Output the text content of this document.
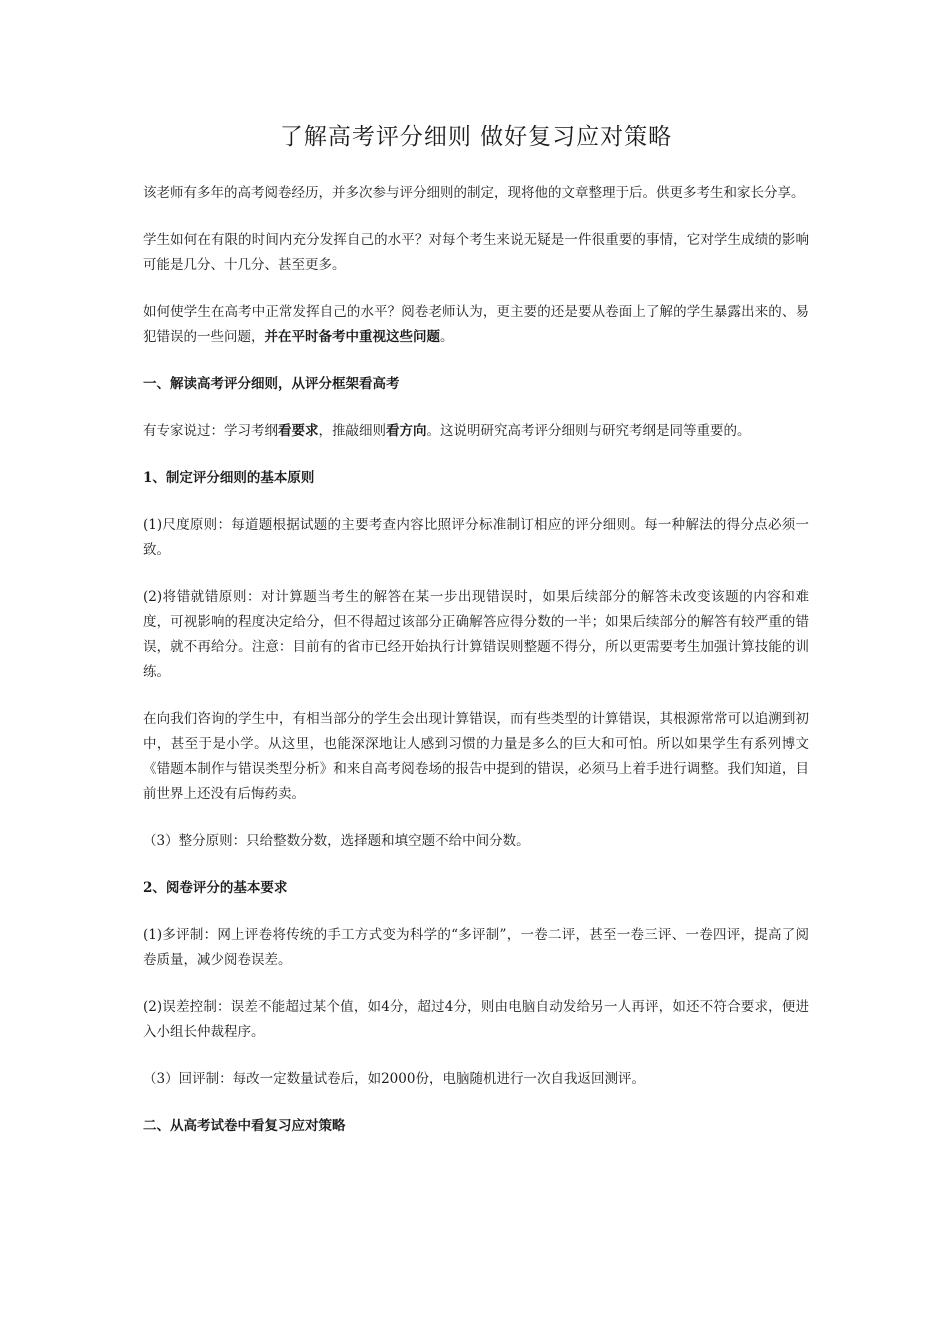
了解高考评分细则 做好复习应对策略

该老师有多年的高考阅卷经历，并多次参与评分细则的制定，现将他的文章整理于后。供更多考生和家长分享。

学生如何在有限的时间内充分发挥自己的水平？对每个考生来说无疑是一件很重要的事情，它对学生成绩的影响可能是几分、十几分、甚至更多。

如何使学生在高考中正常发挥自己的水平？阅卷老师认为，更主要的还是要从卷面上了解的学生暴露出来的、易犯错误的一些问题，并在平时备考中重视这些问题。

一、解读高考评分细则，从评分框架看高考

有专家说过：学习考纲看要求，推敲细则看方向。这说明研究高考评分细则与研究考纲是同等重要的。

1、制定评分细则的基本原则

(1)尺度原则：每道题根据试题的主要考查内容比照评分标准制订相应的评分细则。每一种解法的得分点必须一致。

(2)将错就错原则：对计算题当考生的解答在某一步出现错误时，如果后续部分的解答未改变该题的内容和难度，可视影响的程度决定给分，但不得超过该部分正确解答应得分数的一半；如果后续部分的解答有较严重的错误，就不再给分。注意：目前有的省市已经开始执行计算错误则整题不得分，所以更需要考生加强计算技能的训练。

在向我们咨询的学生中，有相当部分的学生会出现计算错误，而有些类型的计算错误，其根源常常可以追溯到初中，甚至于是小学。从这里，也能深深地让人感到习惯的力量是多么的巨大和可怕。所以如果学生有系列博文《错题本制作与错误类型分析》和来自高考阅卷场的报告中提到的错误，必须马上着手进行调整。我们知道，目前世界上还没有后悔药卖。

（3）整分原则：只给整数分数，选择题和填空题不给中间分数。

2、阅卷评分的基本要求

(1)多评制：网上评卷将传统的手工方式变为科学的“多评制”，一卷二评，甚至一卷三评、一卷四评，提高了阅卷质量，减少阅卷误差。

(2)误差控制：误差不能超过某个值，如4分，超过4分，则由电脑自动发给另一人再评，如还不符合要求，便进入小组长仲裁程序。

（3）回评制：每改一定数量试卷后，如2000份，电脑随机进行一次自我返回测评。

二、从高考试卷中看复习应对策略
